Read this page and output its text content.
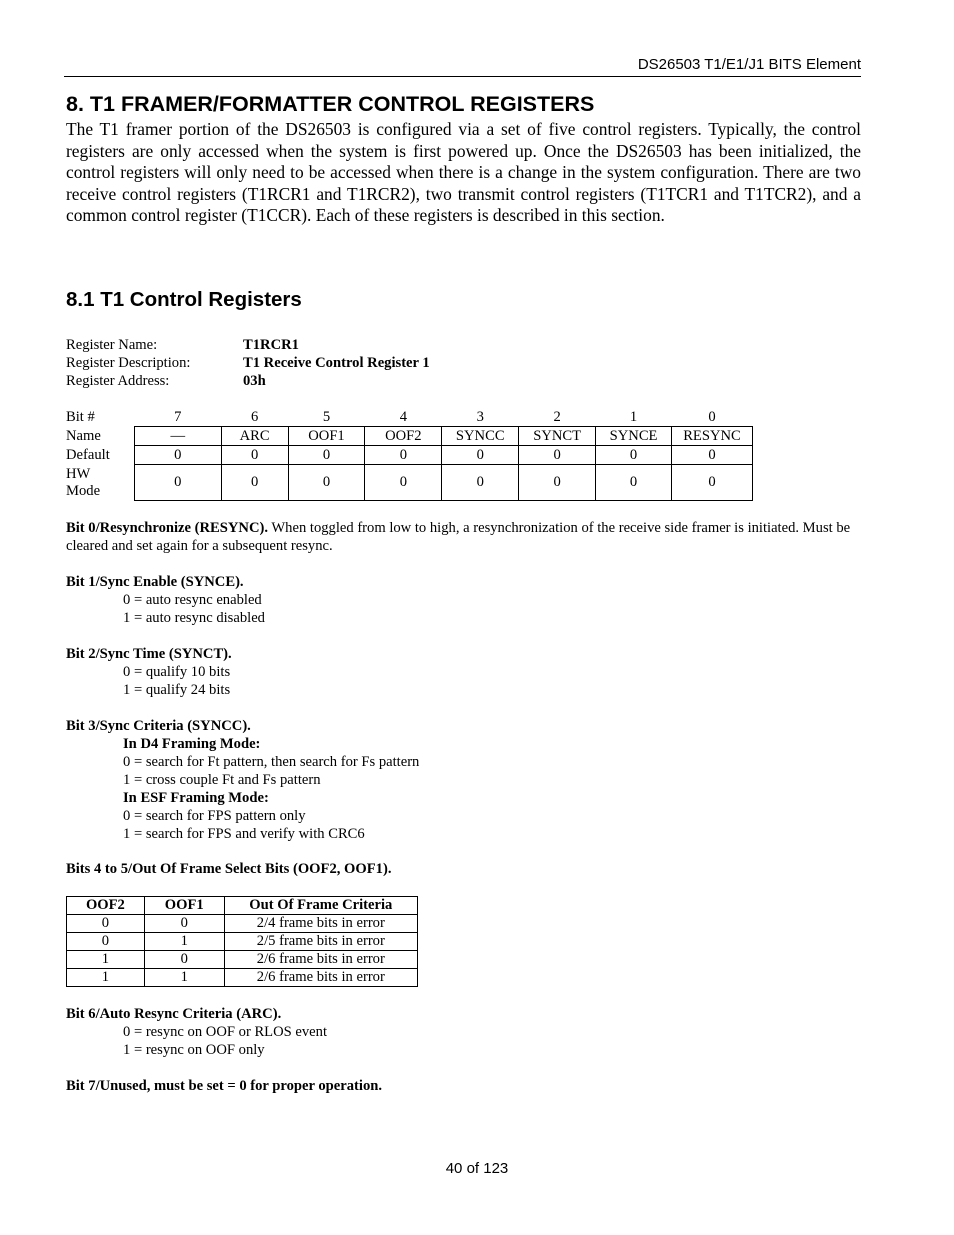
DS26503 T1/E1/J1 BITS Element
8. T1 FRAMER/FORMATTER CONTROL REGISTERS
The T1 framer portion of the DS26503 is configured via a set of five control registers. Typically, the control registers are only accessed when the system is first powered up. Once the DS26503 has been initialized, the control registers will only need to be accessed when there is a change in the system configuration. There are two receive control registers (T1RCR1 and T1RCR2), two transmit control registers (T1TCR1 and T1TCR2), and a common control register (T1CCR). Each of these registers is described in this section.
8.1 T1 Control Registers
Register Name:	T1RCR1
Register Description:	T1 Receive Control Register 1
Register Address:	03h
Bit #	7	6	5	4	3	2	1	0
Name	—	ARC	OOF1	OOF2	SYNCC	SYNCT	SYNCE	RESYNC
Default	0	0	0	0	0	0	0	0

HW
Mode	0	0	0	0	0	0	0	0
Bit 0/Resynchronize (RESYNC). When toggled from low to high, a resynchronization of the receive side framer is initiated. Must be cleared and set again for a subsequent resync.
Bit 1/Sync Enable (SYNCE).
0 = auto resync enabled
1 = auto resync disabled
Bit 2/Sync Time (SYNCT).
0 = qualify 10 bits
1 = qualify 24 bits
Bit 3/Sync Criteria (SYNCC).
In D4 Framing Mode:
0 = search for Ft pattern, then search for Fs pattern
1 = cross couple Ft and Fs pattern
In ESF Framing Mode:
0 = search for FPS pattern only
1 = search for FPS and verify with CRC6
Bits 4 to 5/Out Of Frame Select Bits (OOF2, OOF1).
OOF2	OOF1	Out Of Frame Criteria
0	0	2/4 frame bits in error
0	1	2/5 frame bits in error
1	0	2/6 frame bits in error
1	1	2/6 frame bits in error
Bit 6/Auto Resync Criteria (ARC).
0 = resync on OOF or RLOS event
1 = resync on OOF only
Bit 7/Unused, must be set = 0 for proper operation.
40 of 123
